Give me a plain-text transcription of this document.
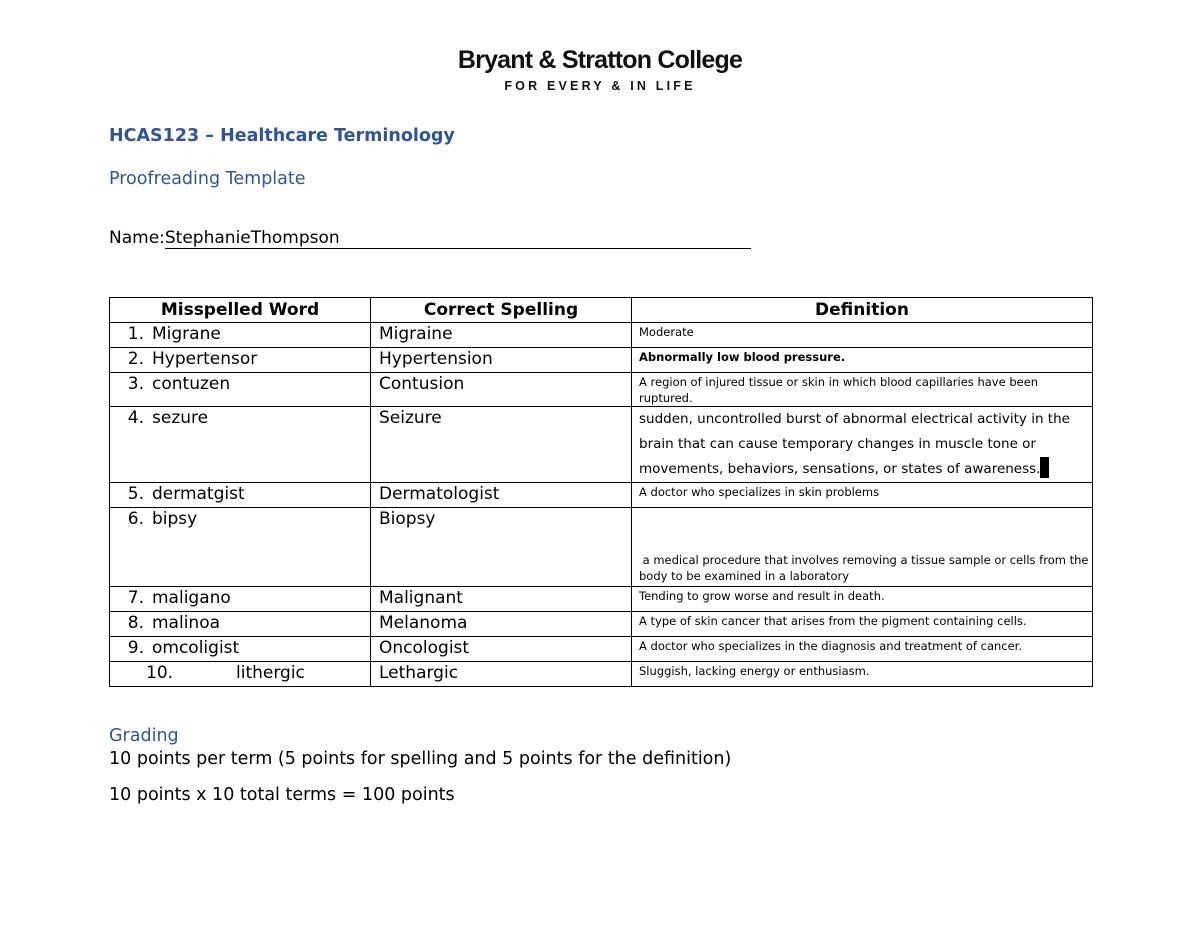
Bryant & Stratton College
FOR EVERY & IN LIFE
HCAS123 – Healthcare Terminology
Proofreading Template
Name:StephanieThompson
Misspelled Word	Correct Spelling	Definition
1. Migrane	Migraine	Moderate
2. Hypertensor	Hypertension	Abnormally low blood pressure.
3. contuzen	Contusion	A region of injured tissue or skin in which blood capillaries have been ruptured.
4. sezure	Seizure	sudden, uncontrolled burst of abnormal electrical activity in the brain that can cause temporary changes in muscle tone or movements, behaviors, sensations, or states of awareness.
5. dermatgist	Dermatologist	A doctor who specializes in skin problems
6. bipsy	Biopsy	a medical procedure that involves removing a tissue sample or cells from the body to be examined in a laboratory
7. maligano	Malignant	Tending to grow worse and result in death.
8. malinoa	Melanoma	A type of skin cancer that arises from the pigment containing cells.
9. omcoligist	Oncologist	A doctor who specializes in the diagnosis and treatment of cancer.
10. lithergic	Lethargic	Sluggish, lacking energy or enthusiasm.
Grading
10 points per term (5 points for spelling and 5 points for the definition)
10 points x 10 total terms = 100 points
